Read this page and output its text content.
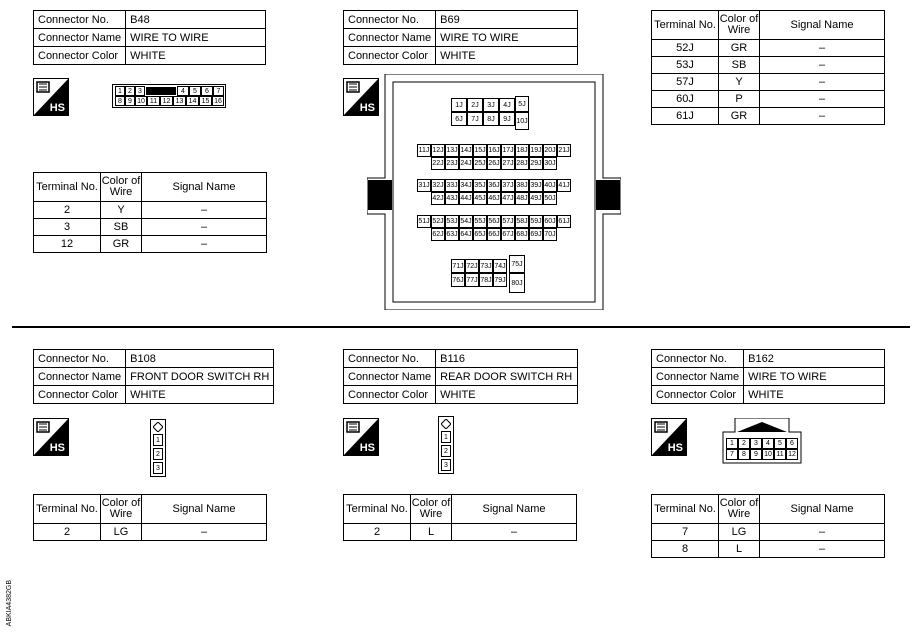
Connector No.	B48
Connector Name	WIRE TO WIRE
Connector Color	WHITE
HS
1 2 3	4	5	6	7
8 9 10 11 12 13 14 15 16
Terminal No.	Color of
Wire	Signal Name
2	Y	–
3	SB	–
12	GR	–
Connector No.	B69
Connector Name	WIRE TO WIRE
Connector Color	WHITE
HS	1J	2J	3J	4J
6J	7J	8J	9J
5J
10J
11J 12J 13J 14J 15J 16J 17J 18J 19J 20J 21J
22J 23J 24J 25J 26J 27J 28J 29J 30J
31J 32J 33J 34J 35J 36J 37J 38J 39J 40J 41J
42J 43J 44J 45J 46J 47J 48J 49J 50J
51J 52J 53J 54J 55J 56J 57J 58J 59J 60J 61J
62J 63J 64J 65J 66J 67J 68J 69J 70J
71J 72J 73J 74J
76J 77J 78J 79J
75J
80J
Terminal No.	Color of
Wire	Signal Name
52J	GR	–
53J	SB	–
57J	Y	–
60J	P	–
61J	GR	–
Connector No.	B108
Connector Name	FRONT DOOR SWITCH RH
Connector Color	WHITE
HS
1
2
3
Terminal No.	Color of
Wire	Signal Name
2	LG	–
Connector No.	B116
Connector Name	REAR DOOR SWITCH RH
Connector Color	WHITE
HS
1
2
3
Terminal No.	Color of
Wire	Signal Name
2	L	–
Connector No.	B162
Connector Name	WIRE TO WIRE
Connector Color	WHITE
HS	1	2	3	4	5	6
7	8	9 10 11 12
Terminal No.	Color of
Wire	Signal Name
7	LG	–
8	L	–
ABKIA4382GB
